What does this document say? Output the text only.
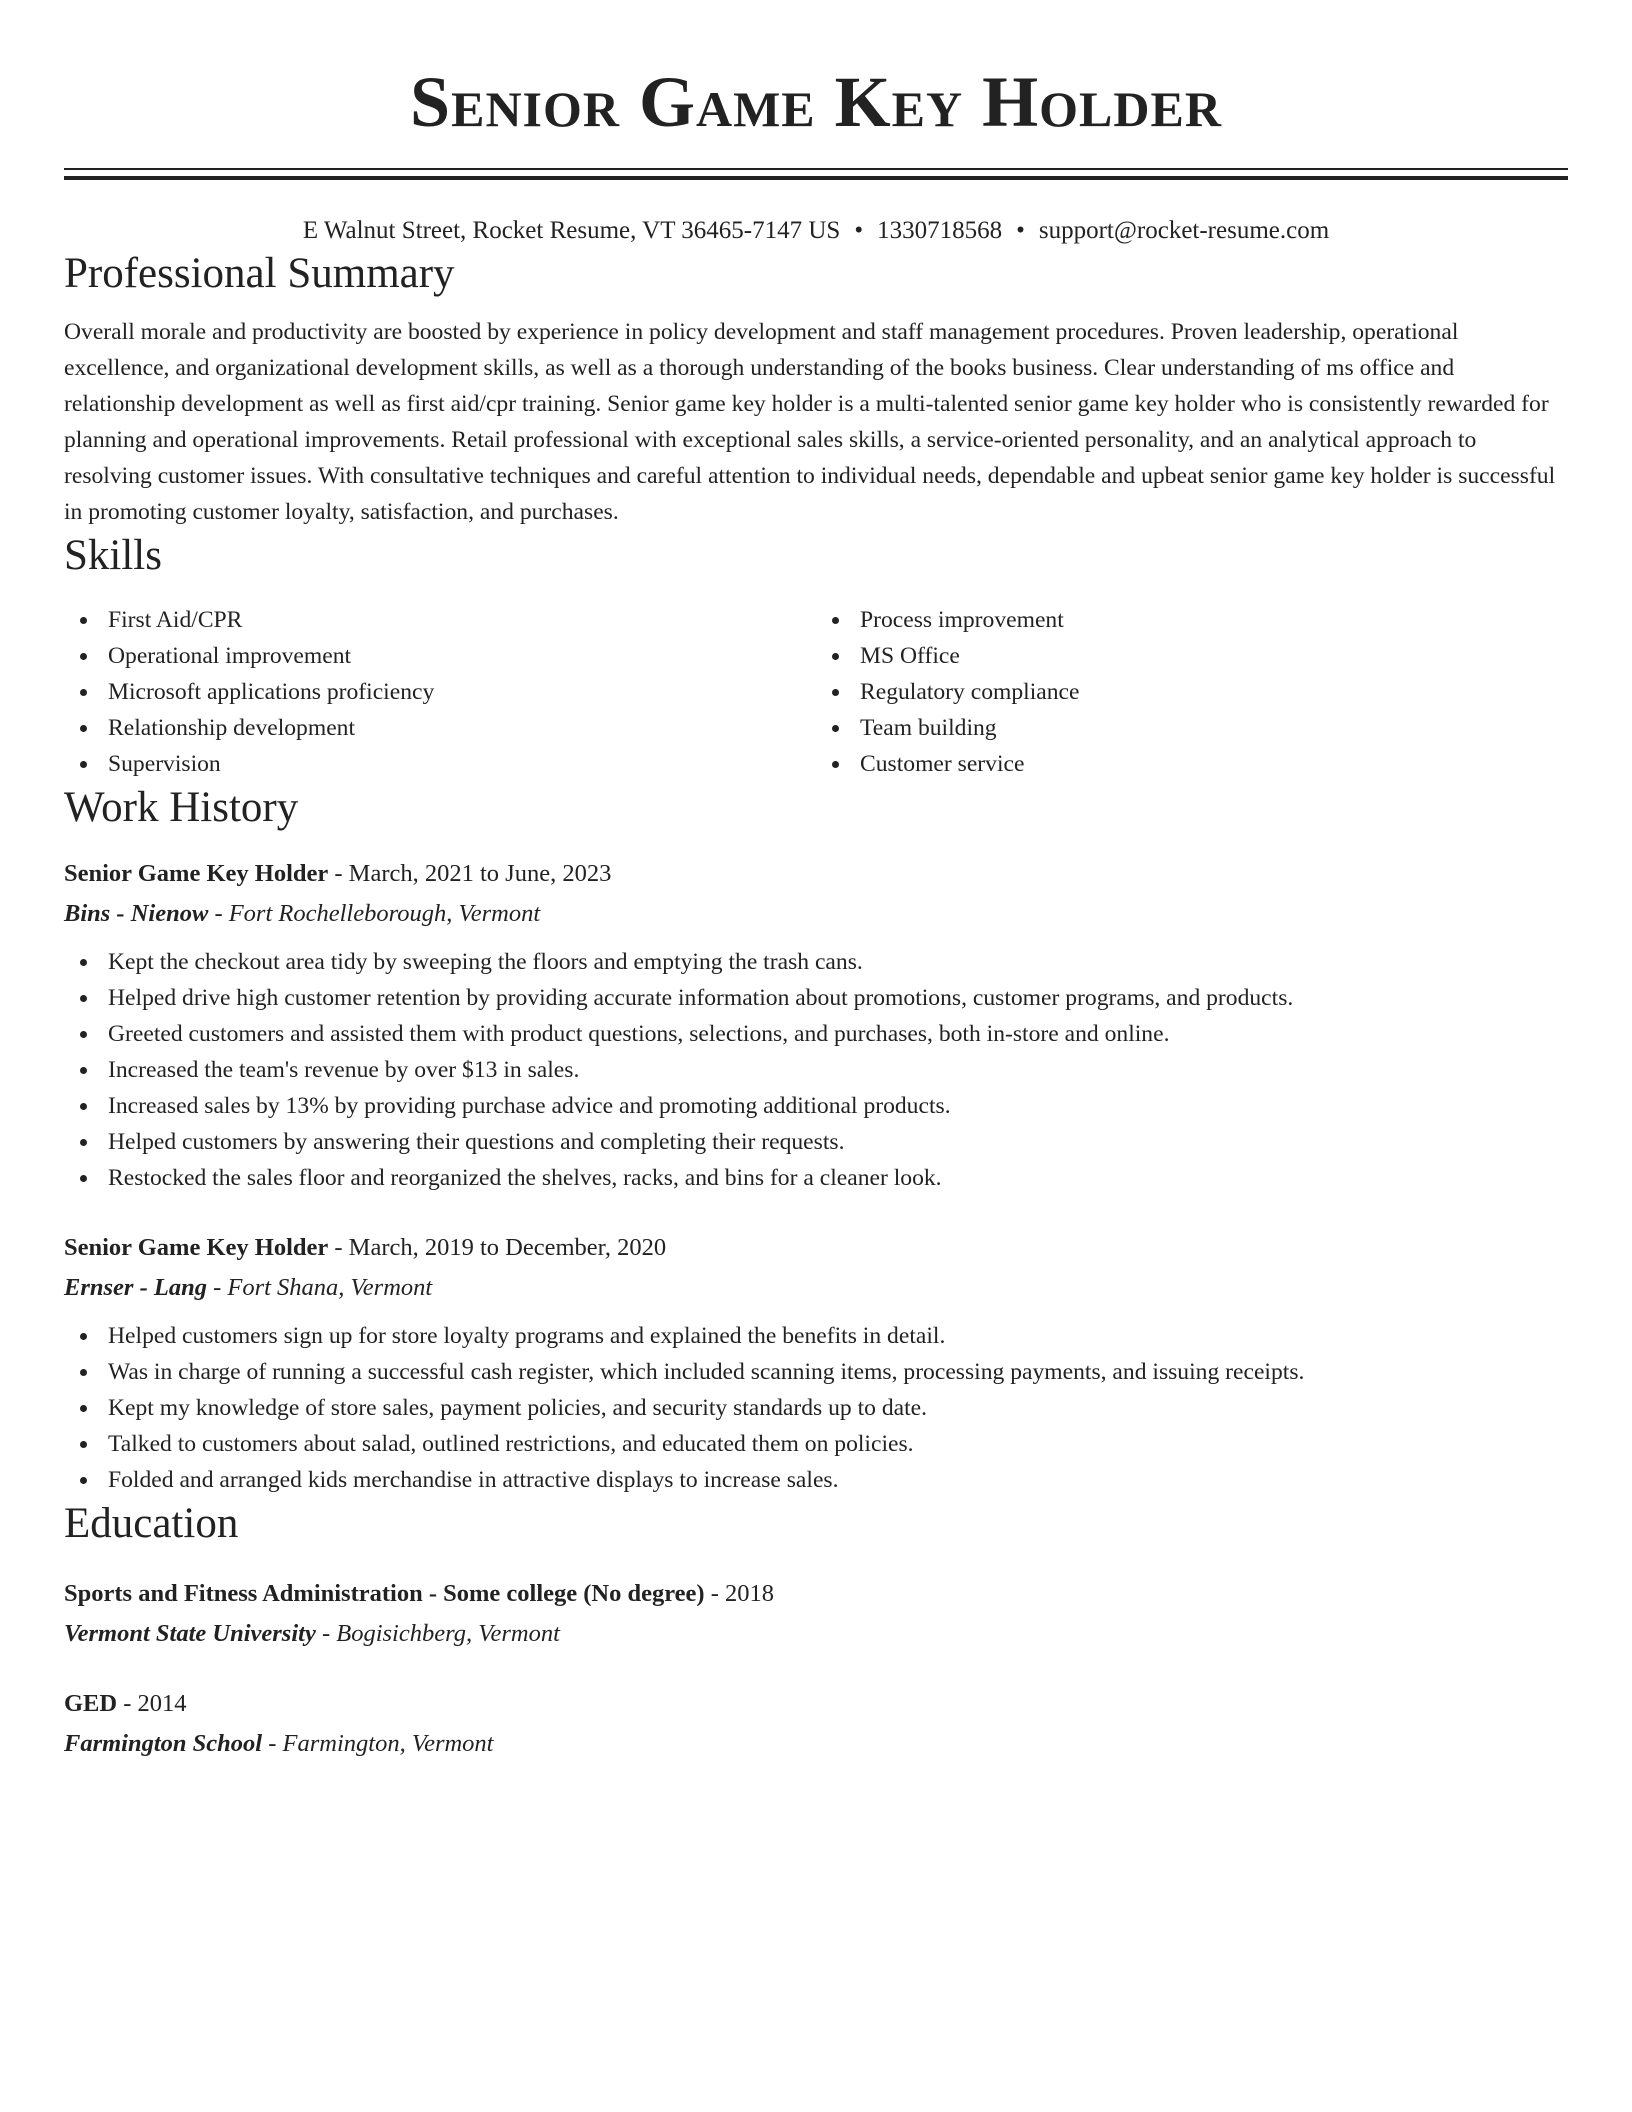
Senior Game Key Holder
E Walnut Street, Rocket Resume, VT 36465-7147 US • 1330718568 • support@rocket-resume.com
Professional Summary

Overall morale and productivity are boosted by experience in policy development and staff management procedures. Proven leadership, operational excellence, and organizational development skills, as well as a thorough understanding of the books business. Clear understanding of ms office and relationship development as well as first aid/cpr training. Senior game key holder is a multi-talented senior game key holder who is consistently rewarded for planning and operational improvements. Retail professional with exceptional sales skills, a service-oriented personality, and an analytical approach to resolving customer issues. With consultative techniques and careful attention to individual needs, dependable and upbeat senior game key holder is successful in promoting customer loyalty, satisfaction, and purchases.

Skills
First Aid/CPR
Operational improvement
Microsoft applications proficiency
Relationship development
Supervision
Process improvement
MS Office
Regulatory compliance
Team building
Customer service
Work History
Senior Game Key Holder - March, 2021 to June, 2023
Bins - Nienow - Fort Rochelleborough, Vermont
Kept the checkout area tidy by sweeping the floors and emptying the trash cans.
Helped drive high customer retention by providing accurate information about promotions, customer programs, and products.
Greeted customers and assisted them with product questions, selections, and purchases, both in-store and online.
Increased the team's revenue by over $13 in sales.
Increased sales by 13% by providing purchase advice and promoting additional products.
Helped customers by answering their questions and completing their requests.
Restocked the sales floor and reorganized the shelves, racks, and bins for a cleaner look.
Senior Game Key Holder - March, 2019 to December, 2020
Ernser - Lang - Fort Shana, Vermont
Helped customers sign up for store loyalty programs and explained the benefits in detail.
Was in charge of running a successful cash register, which included scanning items, processing payments, and issuing receipts.
Kept my knowledge of store sales, payment policies, and security standards up to date.
Talked to customers about salad, outlined restrictions, and educated them on policies.
Folded and arranged kids merchandise in attractive displays to increase sales.
Education
Sports and Fitness Administration - Some college (No degree) - 2018
Vermont State University - Bogisichberg, Vermont
GED - 2014
Farmington School - Farmington, Vermont
